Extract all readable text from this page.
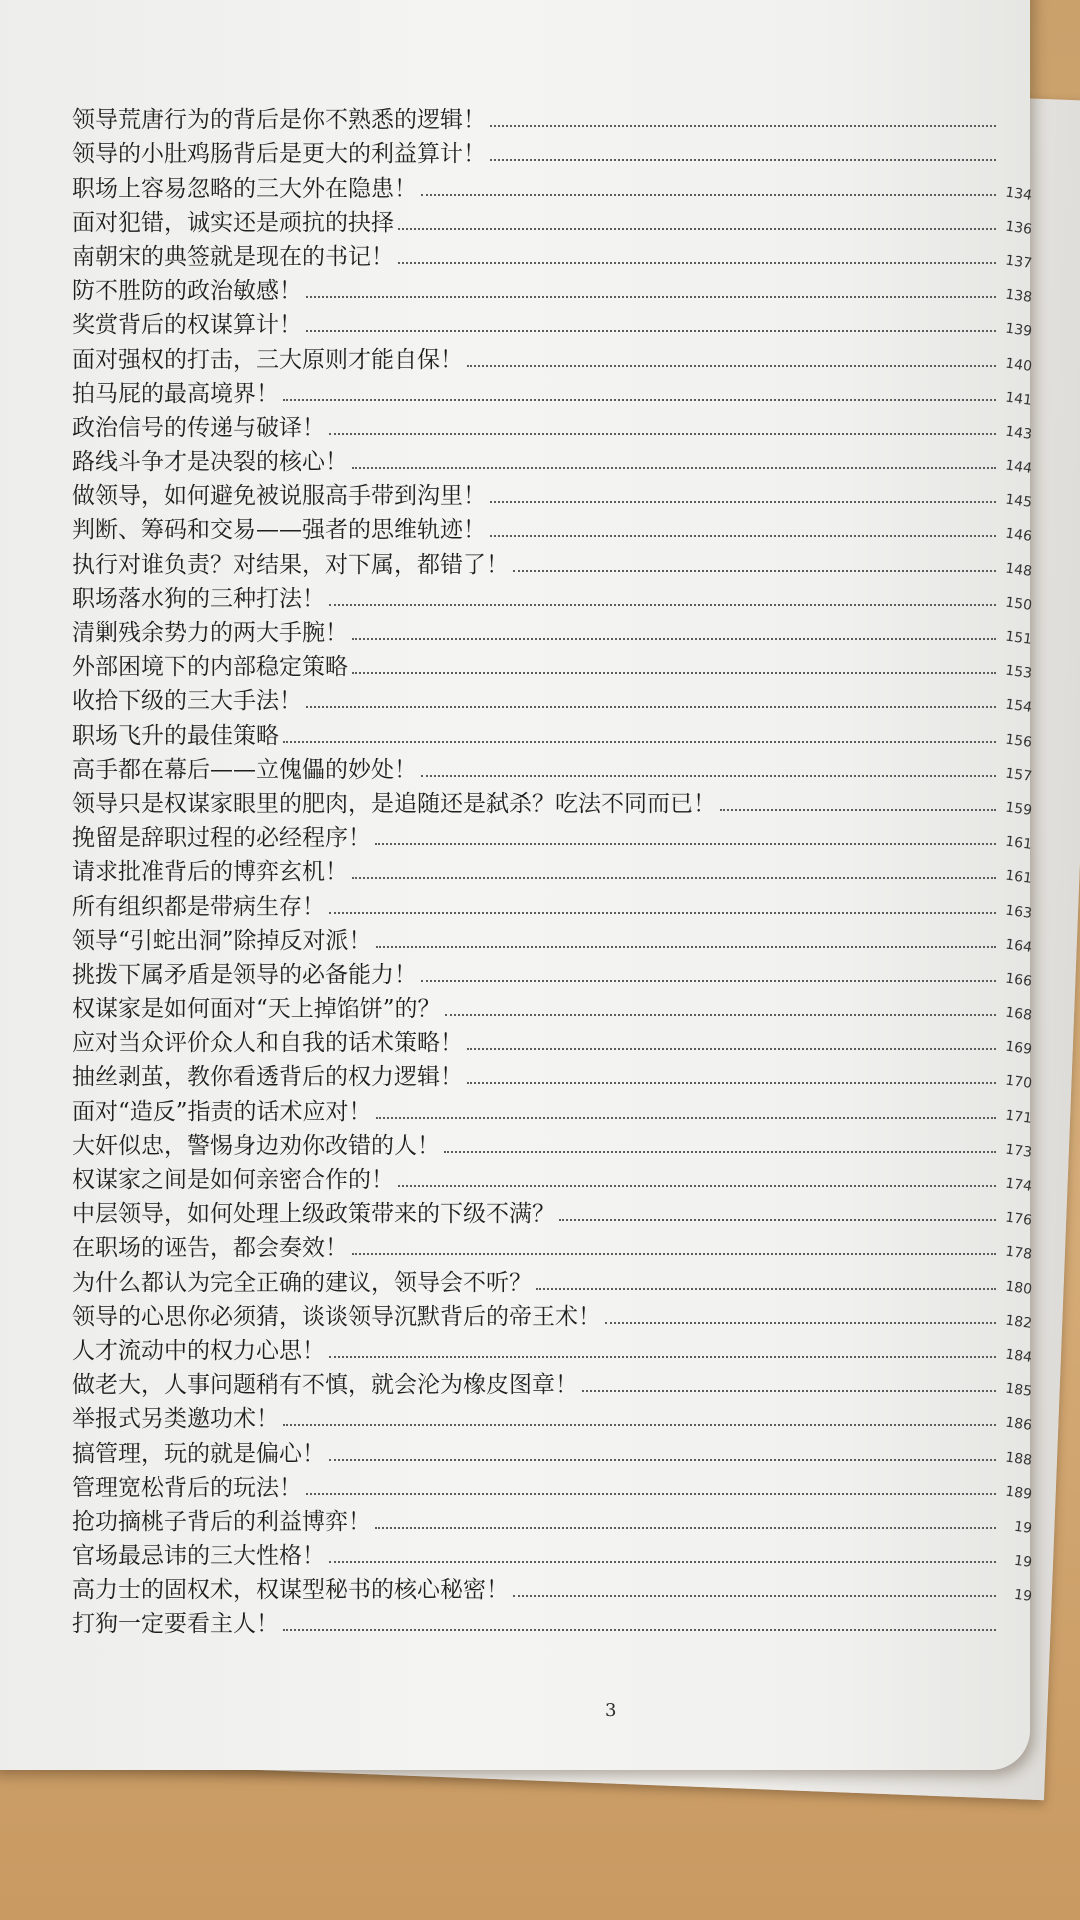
领导荒唐行为的背后是你不熟悉的逻辑！
领导的小肚鸡肠背后是更大的利益算计！
职场上容易忽略的三大外在隐患！	134
面对犯错，诚实还是顽抗的抉择	136
南朝宋的典签就是现在的书记！	137
防不胜防的政治敏感！	138
奖赏背后的权谋算计！	139
面对强权的打击，三大原则才能自保！	140
拍马屁的最高境界！	141
政治信号的传递与破译！	143
路线斗争才是决裂的核心！	144
做领导，如何避免被说服高手带到沟里！	145
判断、筹码和交易——强者的思维轨迹！	146
执行对谁负责？对结果，对下属，都错了！	148
职场落水狗的三种打法！	150
清剿残余势力的两大手腕！	151
外部困境下的内部稳定策略	153
收拾下级的三大手法！	154
职场飞升的最佳策略	156
高手都在幕后——立傀儡的妙处！	157
领导只是权谋家眼里的肥肉，是追随还是弑杀？吃法不同而已！	159
挽留是辞职过程的必经程序！	161
请求批准背后的博弈玄机！	161
所有组织都是带病生存！	163
领导“引蛇出洞”除掉反对派！	164
挑拨下属矛盾是领导的必备能力！	166
权谋家是如何面对“天上掉馅饼”的？	168
应对当众评价众人和自我的话术策略！	169
抽丝剥茧，教你看透背后的权力逻辑！	170
面对“造反”指责的话术应对！	171
大奸似忠，警惕身边劝你改错的人！	173
权谋家之间是如何亲密合作的！	174
中层领导，如何处理上级政策带来的下级不满？	176
在职场的诬告，都会奏效！	178
为什么都认为完全正确的建议，领导会不听？	180
领导的心思你必须猜，谈谈领导沉默背后的帝王术！	182
人才流动中的权力心思！	184
做老大，人事问题稍有不慎，就会沦为橡皮图章！	185
举报式另类邀功术！	186
搞管理，玩的就是偏心！	188
管理宽松背后的玩法！	189
抢功摘桃子背后的利益博弈！	19
官场最忌讳的三大性格！	19
高力士的固权术，权谋型秘书的核心秘密！	19
打狗一定要看主人！
3
